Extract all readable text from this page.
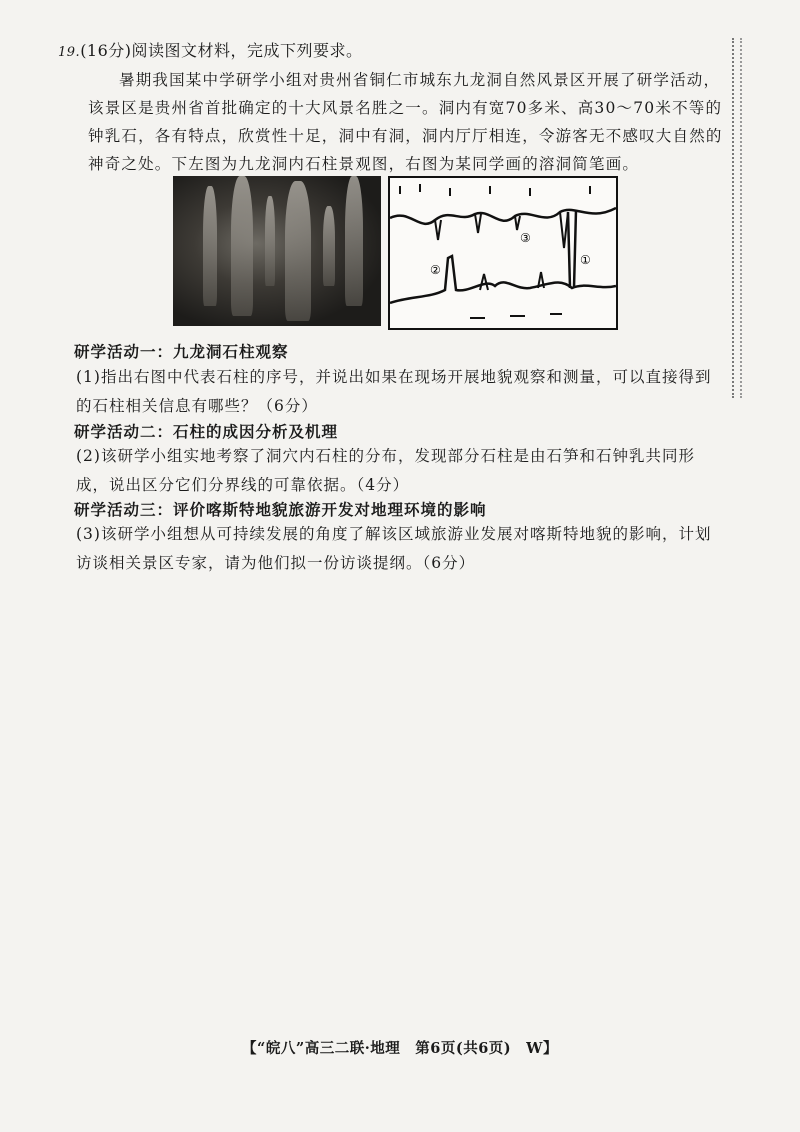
19.(16分)阅读图文材料，完成下列要求。
暑期我国某中学研学小组对贵州省铜仁市城东九龙洞自然风景区开展了研学活动，该景区是贵州省首批确定的十大风景名胜之一。洞内有宽70多米、高30～70米不等的钟乳石，各有特点，欣赏性十足，洞中有洞，洞内厅厅相连，令游客无不感叹大自然的神奇之处。下左图为九龙洞内石柱景观图，右图为某同学画的溶洞简笔画。
①
②
③
研学活动一：九龙洞石柱观察
(1)指出右图中代表石柱的序号，并说出如果在现场开展地貌观察和测量，可以直接得到的石柱相关信息有哪些？（6分）
研学活动二：石柱的成因分析及机理
(2)该研学小组实地考察了洞穴内石柱的分布，发现部分石柱是由石笋和石钟乳共同形成，说出区分它们分界线的可靠依据。（4分）
研学活动三：评价喀斯特地貌旅游开发对地理环境的影响
(3)该研学小组想从可持续发展的角度了解该区域旅游业发展对喀斯特地貌的影响，计划访谈相关景区专家，请为他们拟一份访谈提纲。（6分）
【“皖八”高三二联·地理　第6页(共6页)　W】
